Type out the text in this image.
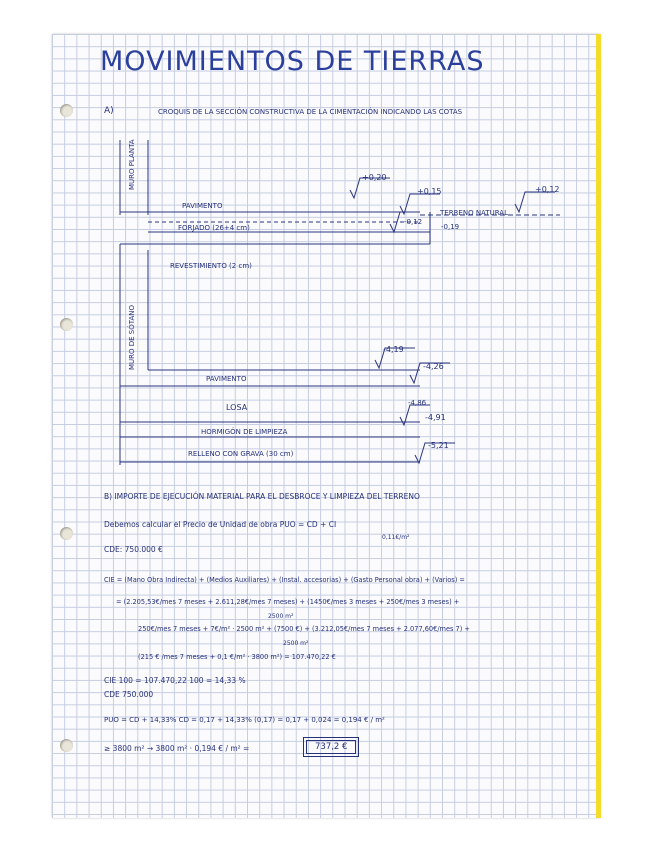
MOVIMIENTOS DE TIERRAS
A)	CROQUIS DE LA SECCIÓN CONSTRUCTIVA DE LA CIMENTACIÓN INDICANDO LAS COTAS
MURO PLANTA
MURO DE SÓTANO
+0,20
+0,15	+0,12
-0,12
-0,19
-4,19
-4,26
-4,86
-4,91
-5,21
PAVIMENTO
TERRENO NATURAL
FORJADO (26+4 cm)
REVESTIMIENTO (2 cm)
PAVIMENTO
LOSA
HORMIGÓN DE LIMPIEZA
RELLENO CON GRAVA (30 cm)
B) IMPORTE DE EJECUCIÓN MATERIAL PARA EL DESBROCE Y LIMPIEZA DEL TERRENO
Debemos calcular el Precio de Unidad de obra PUO = CD + CI
0,11€/m²
CDE: 750.000 €
CIE = (Mano Obra Indirecta) + (Medios Auxiliares) + (Instal. accesorias) + (Gasto Personal obra) + (Varios) =
= (2.205,53€/mes 7 meses + 2.611,28€/mes 7 meses) + (1450€/mes 3 meses + 250€/mes 3 meses) +
2500 m²
250€/mes 7 meses + 7€/m² · 2500 m² + (7500 €) + (3.212,05€/mes 7 meses + 2.077,60€/mes 7) +
2500 m²
(215 € /mes 7 meses + 0,1 €/m² · 3800 m²) = 107.470,22 €
CIE 100 = 107.470,22 100 = 14,33 %
CDE 750.000
PUO = CD + 14,33% CD = 0,17 + 14,33% (0,17) = 0,17 + 0,024 = 0,194 € / m²
≥ 3800 m² → 3800 m² · 0,194 € / m² =	737,2 €
